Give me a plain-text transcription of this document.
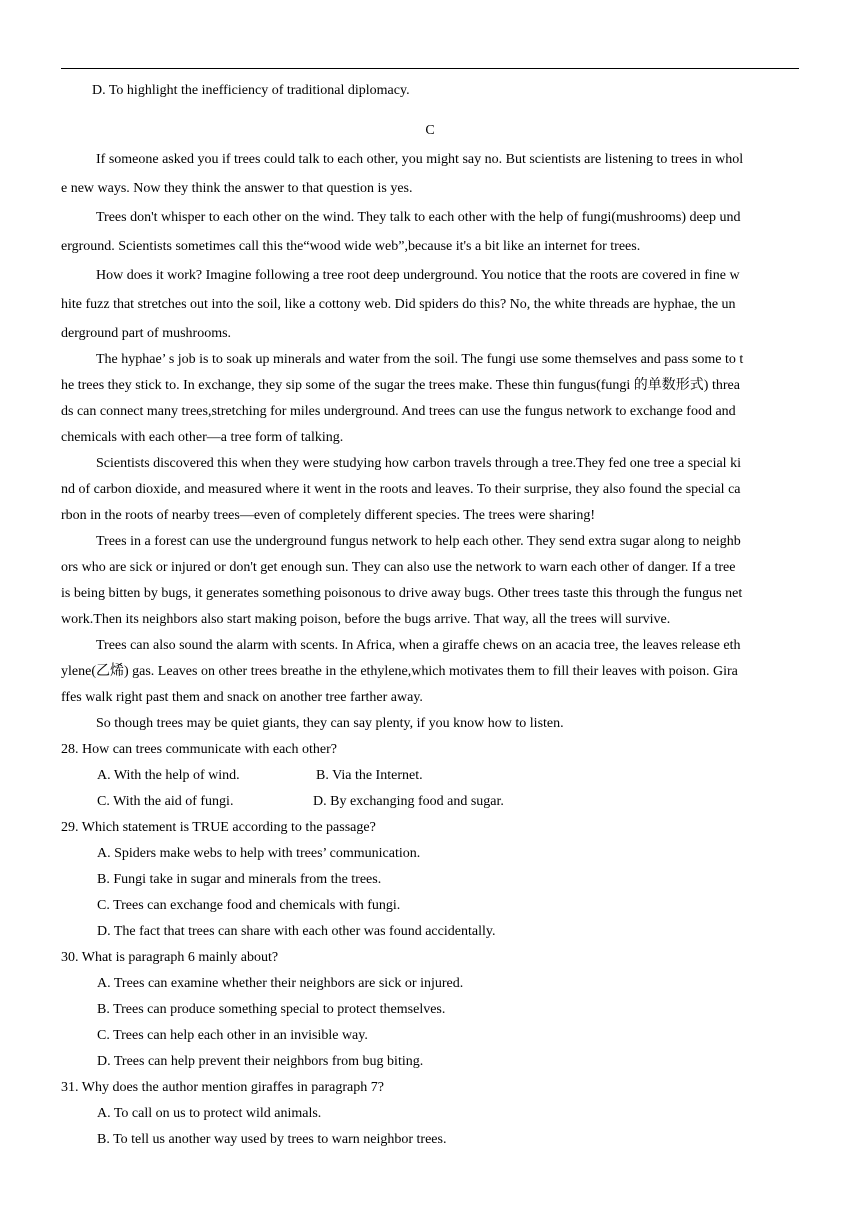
D. To highlight the inefficiency of traditional diplomacy.
C
If someone asked you if trees could talk to each other, you might say no. But scientists are listening to trees in whol
e new ways. Now they think the answer to that question is yes.
Trees don't whisper to each other on the wind. They talk to each other with the help of fungi(mushrooms) deep und
erground. Scientists sometimes call this the“wood wide web”,because it's a bit like an internet for trees.
How does it work? Imagine following a tree root deep underground. You notice that the roots are covered in fine w
hite fuzz that stretches out into the soil, like a cottony web. Did spiders do this? No, the white threads are hyphae, the un
derground part of mushrooms.
The hyphae’ s job is to soak up minerals and water from the soil. The fungi use some themselves and pass some to t
he trees they stick to. In exchange, they sip some of the sugar the trees make. These thin fungus(fungi 的单数形式) threa
ds can connect many trees,stretching for miles underground. And trees can use the fungus network to exchange food and
chemicals with each other—a tree form of talking.
Scientists discovered this when they were studying how carbon travels through a tree.They fed one tree a special ki
nd of carbon dioxide, and measured where it went in the roots and leaves. To their surprise, they also found the special ca
rbon in the roots of nearby trees—even of completely different species. The trees were sharing!
Trees in a forest can use the underground fungus network to help each other. They send extra sugar along to neighb
ors who are sick or injured or don't get enough sun. They can also use the network to warn each other of danger. If a tree
is being bitten by bugs, it generates something poisonous to drive away bugs. Other trees taste this through the fungus net
work.Then its neighbors also start making poison, before the bugs arrive. That way, all the trees will survive.
Trees can also sound the alarm with scents. In Africa, when a giraffe chews on an acacia tree, the leaves release eth
ylene(乙烯) gas. Leaves on other trees breathe in the ethylene,which motivates them to fill their leaves with poison. Gira
ffes walk right past them and snack on another tree farther away.
So though trees may be quiet giants, they can say plenty, if you know how to listen.
28. How can trees communicate with each other?
A. With the help of wind.	B. Via the Internet.
C. With the aid of fungi.	D. By exchanging food and sugar.
29. Which statement is TRUE according to the passage?
A. Spiders make webs to help with trees’ communication.
B. Fungi take in sugar and minerals from the trees.
C. Trees can exchange food and chemicals with fungi.
D. The fact that trees can share with each other was found accidentally.
30. What is paragraph 6 mainly about?
A. Trees can examine whether their neighbors are sick or injured.
B. Trees can produce something special to protect themselves.
C. Trees can help each other in an invisible way.
D. Trees can help prevent their neighbors from bug biting.
31. Why does the author mention giraffes in paragraph 7?
A. To call on us to protect wild animals.
B. To tell us another way used by trees to warn neighbor trees.
